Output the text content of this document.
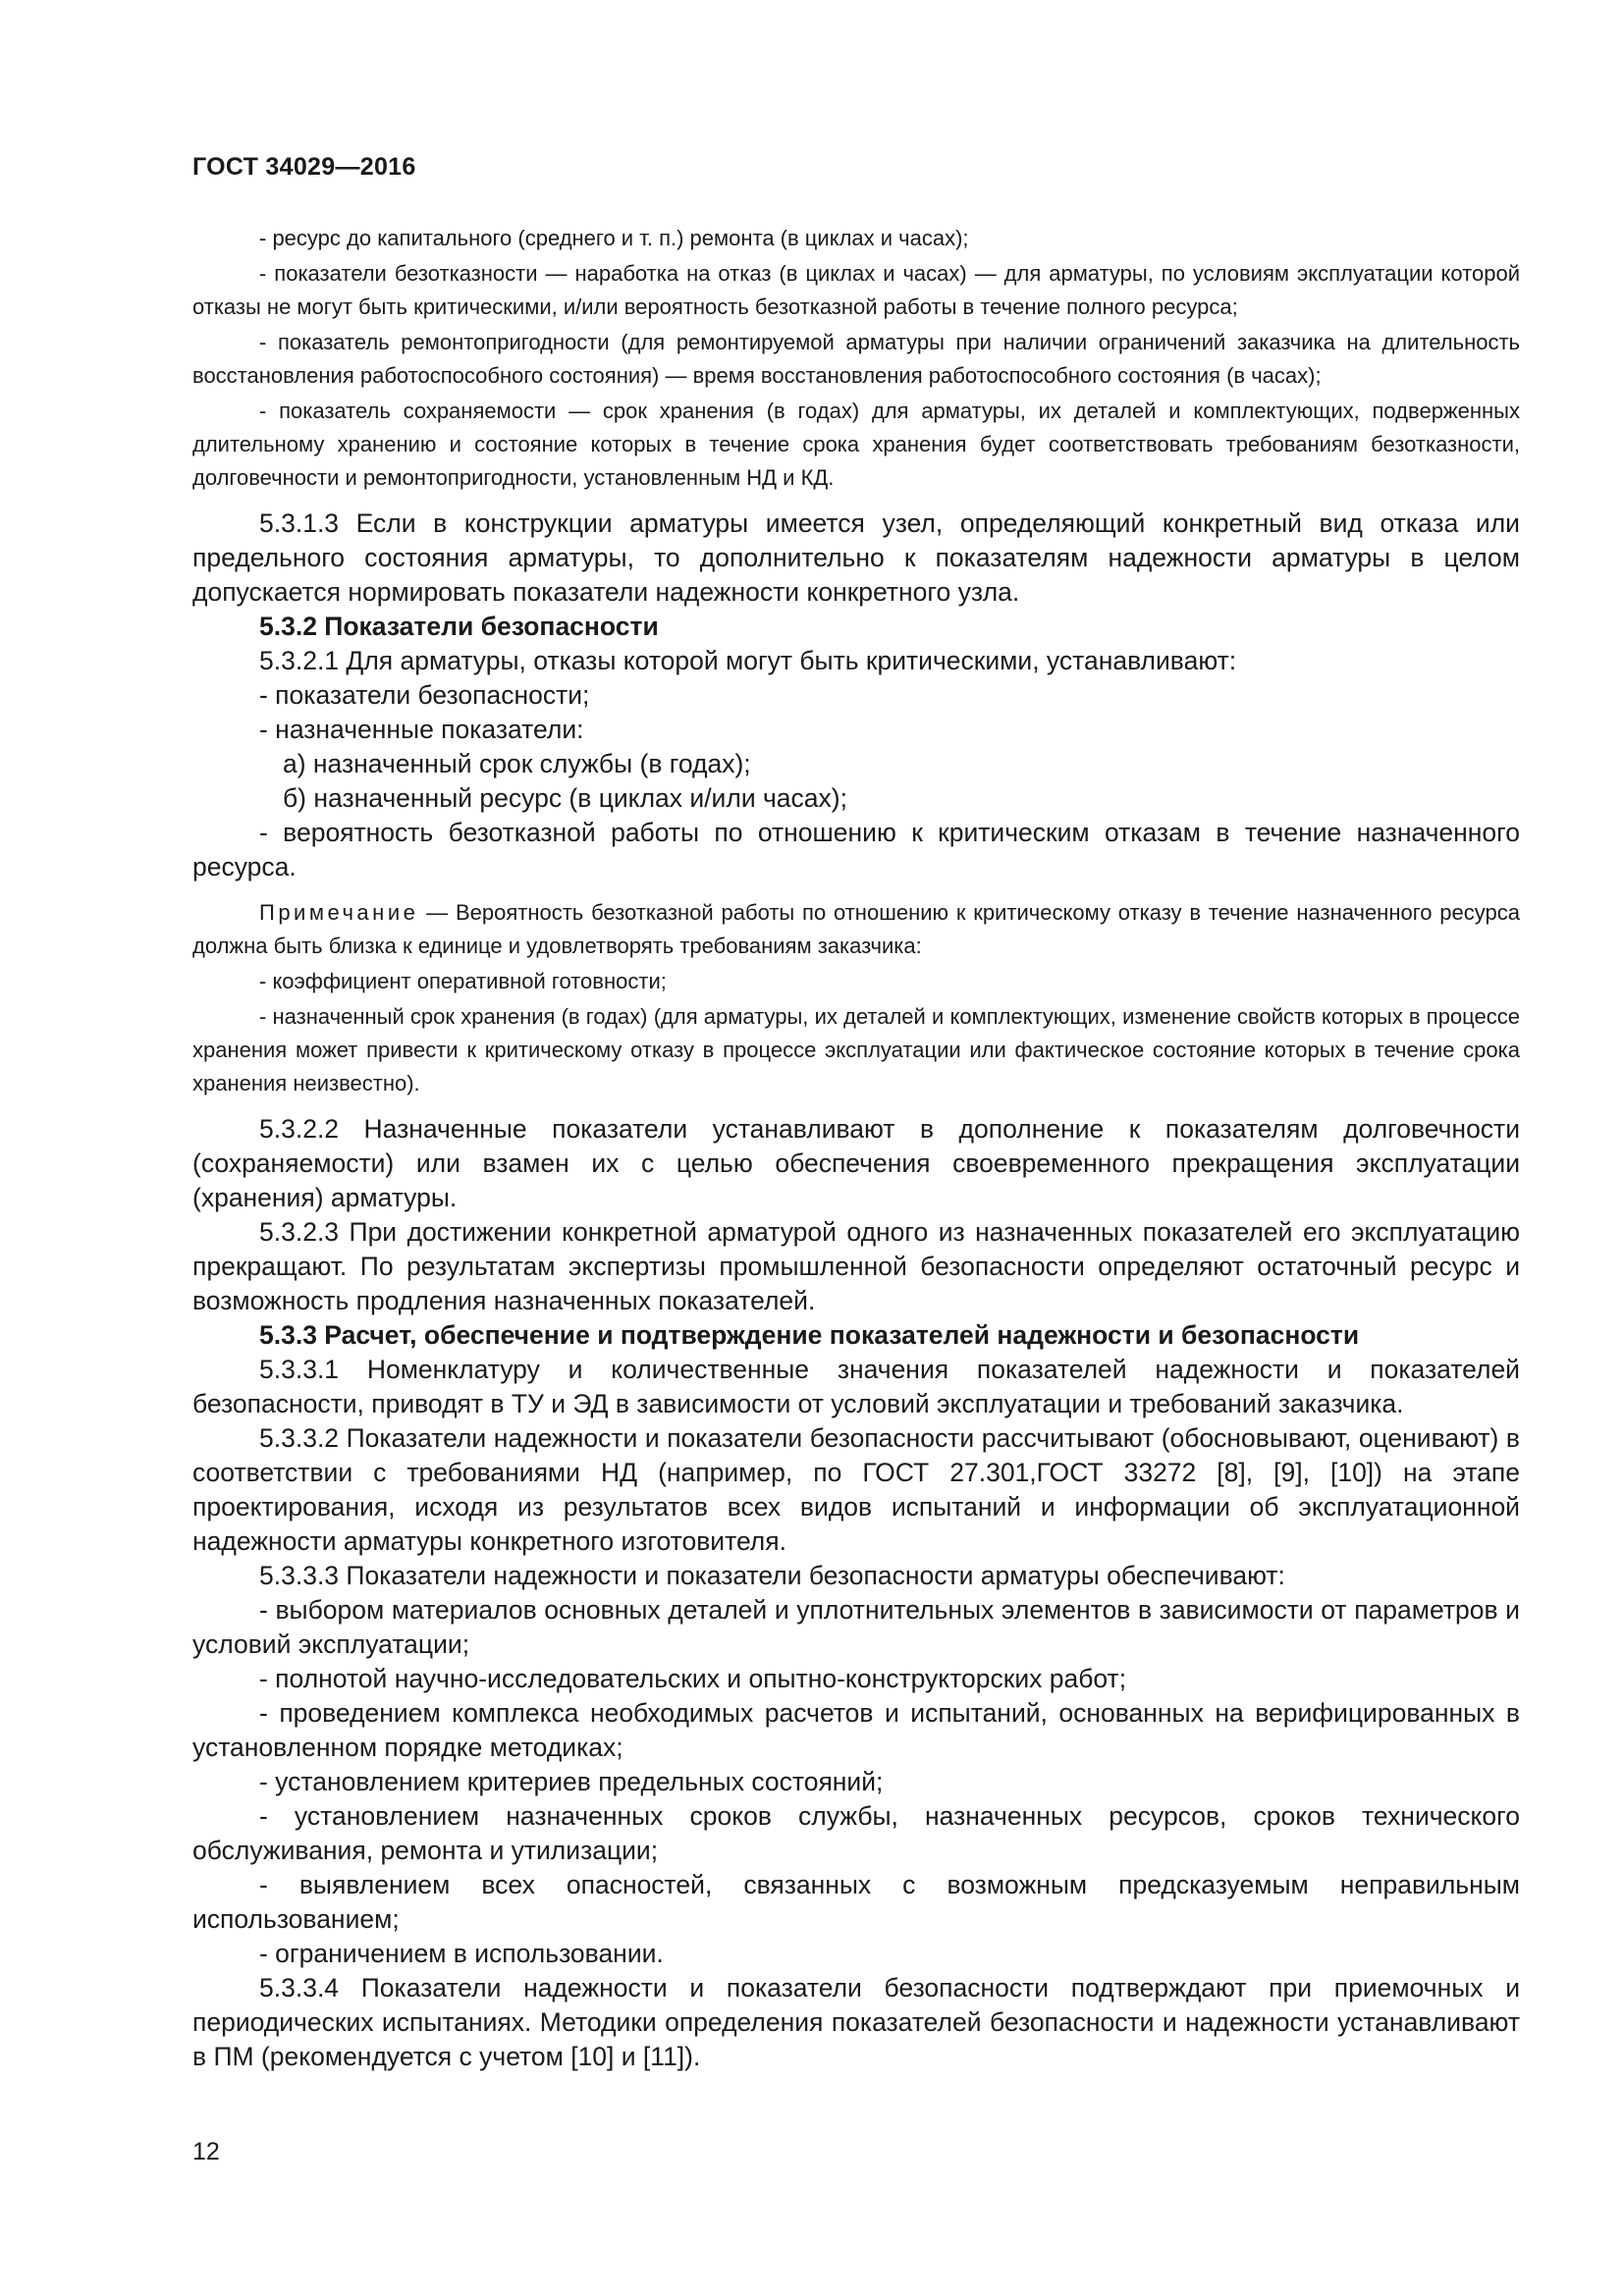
ГОСТ 34029—2016
- ресурс до капитального (среднего и т. п.) ремонта (в циклах и часах);
- показатели безотказности — наработка на отказ (в циклах и часах) — для арматуры, по условиям эксплуатации которой отказы не могут быть критическими, и/или вероятность безотказной работы в течение полного ресурса;
- показатель ремонтопригодности (для ремонтируемой арматуры при наличии ограничений заказчика на длительность восстановления работоспособного состояния) — время восстановления работоспособного состояния (в часах);
- показатель сохраняемости — срок хранения (в годах) для арматуры, их деталей и комплектующих, подверженных длительному хранению и состояние которых в течение срока хранения будет соответствовать требованиям безотказности, долговечности и ремонтопригодности, установленным НД и КД.
5.3.1.3 Если в конструкции арматуры имеется узел, определяющий конкретный вид отказа или предельного состояния арматуры, то дополнительно к показателям надежности арматуры в целом допускается нормировать показатели надежности конкретного узла.
5.3.2 Показатели безопасности
5.3.2.1 Для арматуры, отказы которой могут быть критическими, устанавливают:
- показатели безопасности;
- назначенные показатели:
а) назначенный срок службы (в годах);
б) назначенный ресурс (в циклах и/или часах);
- вероятность безотказной работы по отношению к критическим отказам в течение назначенного ресурса.
Примечание — Вероятность безотказной работы по отношению к критическому отказу в течение назначенного ресурса должна быть близка к единице и удовлетворять требованиям заказчика:
- коэффициент оперативной готовности;
- назначенный срок хранения (в годах) (для арматуры, их деталей и комплектующих, изменение свойств которых в процессе хранения может привести к критическому отказу в процессе эксплуатации или фактическое состояние которых в течение срока хранения неизвестно).
5.3.2.2 Назначенные показатели устанавливают в дополнение к показателям долговечности (сохраняемости) или взамен их с целью обеспечения своевременного прекращения эксплуатации (хранения) арматуры.
5.3.2.3 При достижении конкретной арматурой одного из назначенных показателей его эксплуатацию прекращают. По результатам экспертизы промышленной безопасности определяют остаточный ресурс и возможность продления назначенных показателей.
5.3.3 Расчет, обеспечение и подтверждение показателей надежности и безопасности
5.3.3.1 Номенклатуру и количественные значения показателей надежности и показателей безопасности, приводят в ТУ и ЭД в зависимости от условий эксплуатации и требований заказчика.
5.3.3.2 Показатели надежности и показатели безопасности рассчитывают (обосновывают, оценивают) в соответствии с требованиями НД (например, по ГОСТ 27.301,ГОСТ 33272 [8], [9], [10]) на этапе проектирования, исходя из результатов всех видов испытаний и информации об эксплуатационной надежности арматуры конкретного изготовителя.
5.3.3.3 Показатели надежности и показатели безопасности арматуры обеспечивают:
- выбором материалов основных деталей и уплотнительных элементов в зависимости от параметров и условий эксплуатации;
- полнотой научно-исследовательских и опытно-конструкторских работ;
- проведением комплекса необходимых расчетов и испытаний, основанных на верифицированных в установленном порядке методиках;
- установлением критериев предельных состояний;
- установлением назначенных сроков службы, назначенных ресурсов, сроков технического обслуживания, ремонта и утилизации;
- выявлением всех опасностей, связанных с возможным предсказуемым неправильным использованием;
- ограничением в использовании.
5.3.3.4 Показатели надежности и показатели безопасности подтверждают при приемочных и периодических испытаниях. Методики определения показателей безопасности и надежности устанавливают в ПМ (рекомендуется с учетом [10] и [11]).
12
